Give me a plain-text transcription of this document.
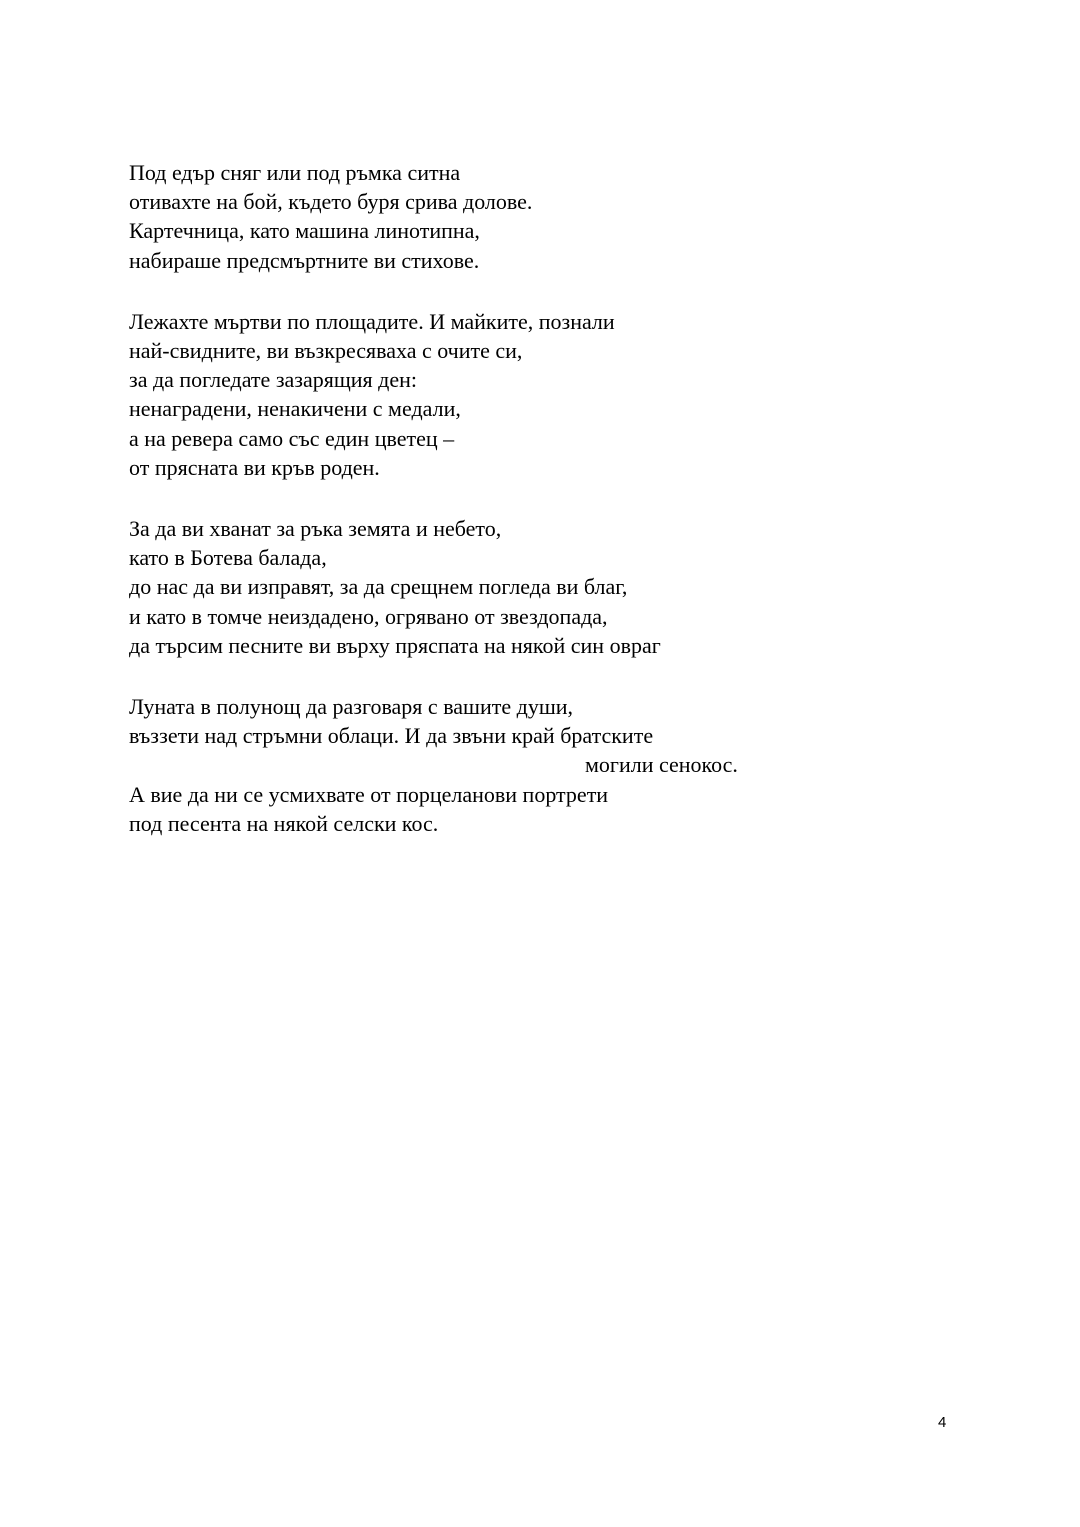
Под едър сняг или под ръмка ситна
отивахте на бой, където буря срива долове.
Картечница, като машина линотипна,
набираше предсмъртните ви стихове.
Лежахте мъртви по площадите. И майките, познали
най-свидните, ви възкресяваха с очите си,
за да погледате зазарящия ден:
ненаградени, ненакичени с медали,
а на ревера само със един цветец –
от прясната ви кръв роден.
За да ви хванат за ръка земята и небето,
като в Ботева балада,
до нас да ви изправят, за да срещнем погледа ви благ,
и като в томче неиздадено, огрявано от звездопада,
да търсим песните ви върху пряспата на някой син овраг
Луната в полунощ да разговаря с вашите души,
въззети над стръмни облаци. И да звъни край братските
могили сенокос.
А вие да ни се усмихвате от порцеланови портрети
под песента на някой селски кос.
4
